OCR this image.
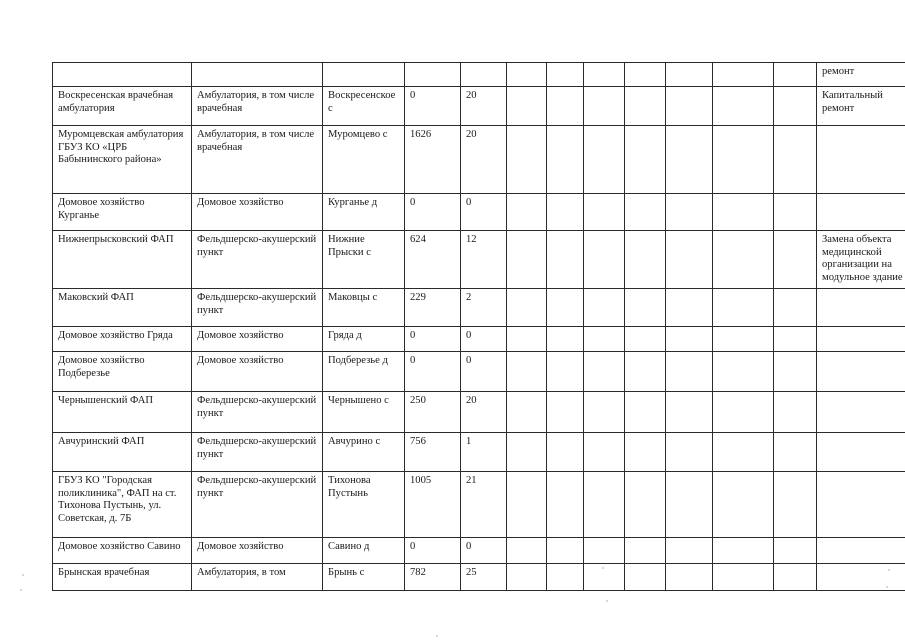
												ремонт
Воскресенская врачебная амбулатория	Амбулатория, в том числе врачебная	Воскресенское с	0	20								Капитальный ремонт
Муромцевская амбулатория ГБУЗ КО «ЦРБ Бабынинского района»	Амбулатория, в том числе врачебная	Муромцево с	1626	20								
Домовое хозяйство Курганье	Домовое хозяйство	Курганье д	0	0								
Нижнепрысковский ФАП	Фельдшерско-акушерский пункт	Нижние Прыски с	624	12								Замена объекта медицинской организации на модульное здание
Маковский ФАП	Фельдшерско-акушерский пункт	Маковцы с	229	2								
Домовое хозяйство Гряда	Домовое хозяйство	Гряда д	0	0								
Домовое хозяйство Подберезье	Домовое хозяйство	Подберезье д	0	0								
Чернышенский ФАП	Фельдшерско-акушерский пункт	Чернышено с	250	20								
Авчуринский ФАП	Фельдшерско-акушерский пункт	Авчурино с	756	1								
ГБУЗ КО "Городская поликлиника", ФАП на ст. Тихонова Пустынь, ул. Советская, д. 7Б	Фельдшерско-акушерский пункт	Тихонова Пустынь	1005	21								
Домовое хозяйство Савино	Домовое хозяйство	Савино д	0	0								
Брынская врачебная	Амбулатория, в том	Брынь с	782	25								
